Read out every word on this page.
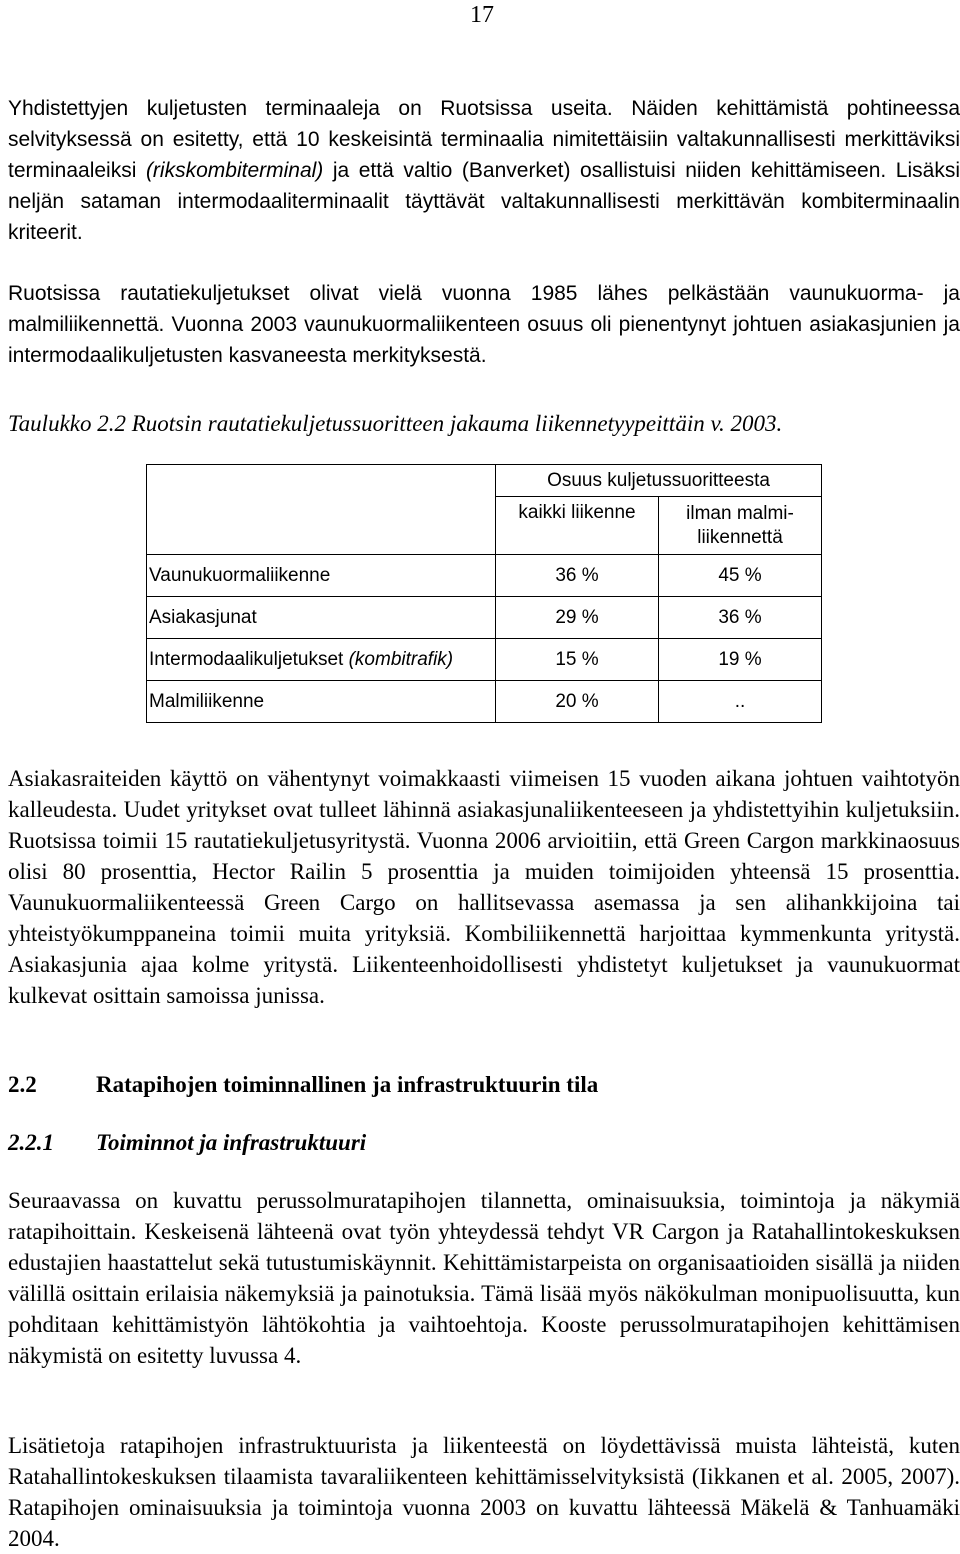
17

Yhdistettyjen kuljetusten terminaaleja on Ruotsissa useita. Näiden kehittämistä pohtineessa selvityksessä on esitetty, että 10 keskeisintä terminaalia nimitettäisiin valtakunnallisesti merkittäviksi terminaaleiksi (rikskombiterminal) ja että valtio (Banverket) osallistuisi niiden kehittämiseen. Lisäksi neljän sataman intermodaaliterminaalit täyttävät valtakunnallisesti merkittävän kombiterminaalin kriteerit.

Ruotsissa rautatiekuljetukset olivat vielä vuonna 1985 lähes pelkästään vaunukuorma- ja malmiliikennettä. Vuonna 2003 vaunukuormaliikenteen osuus oli pienentynyt johtuen asiakasjunien ja intermodaalikuljetusten kasvaneesta merkityksestä.

Taulukko 2.2 Ruotsin rautatiekuljetussuoritteen jakauma liikennetyypeittäin v. 2003.

	Osuus kuljetussuoritteesta	
	kaikki liikenne	ilman malmi-
liikennettä
Vaunukuormaliikenne	36 %	45 %
Asiakasjunat	29 %	36 %
Intermodaalikuljetukset (kombitrafik)	15 %	19 %
Malmiliikenne	20 %	..

Asiakasraiteiden käyttö on vähentynyt voimakkaasti viimeisen 15 vuoden aikana johtuen vaihtotyön kalleudesta. Uudet yritykset ovat tulleet lähinnä asiakasjunaliikenteeseen ja yhdistettyihin kuljetuksiin. Ruotsissa toimii 15 rautatiekuljetusyritystä. Vuonna 2006 arvioitiin, että Green Cargon markkinaosuus olisi 80 prosenttia, Hector Railin 5 prosenttia ja muiden toimijoiden yhteensä 15 prosenttia. Vaunukuormaliikenteessä Green Cargo on hallitsevassa asemassa ja sen alihankkijoina tai yhteistyökumppaneina toimii muita yrityksiä. Kombiliikennettä harjoittaa kymmenkunta yritystä. Asiakasjunia ajaa kolme yritystä. Liikenteenhoidollisesti yhdistetyt kuljetukset ja vaunukuormat kulkevat osittain samoissa junissa.

2.2	Ratapihojen toiminnallinen ja infrastruktuurin tila
2.2.1 Toiminnot ja infrastruktuuri

Seuraavassa on kuvattu perussolmuratapihojen tilannetta, ominaisuuksia, toimintoja ja näkymiä ratapihoittain. Keskeisenä lähteenä ovat työn yhteydessä tehdyt VR Cargon ja Ratahallintokeskuksen edustajien haastattelut sekä tutustumiskäynnit. Kehittämistarpeista on organisaatioiden sisällä ja niiden välillä osittain erilaisia näkemyksiä ja painotuksia. Tämä lisää myös näkökulman monipuolisuutta, kun pohditaan kehittämistyön lähtökohtia ja vaihtoehtoja. Kooste perussolmuratapihojen kehittämisen näkymistä on esitetty luvussa 4.

Lisätietoja ratapihojen infrastruktuurista ja liikenteestä on löydettävissä muista lähteistä, kuten Ratahallintokeskuksen tilaamista tavaraliikenteen kehittämisselvityksistä (Iikkanen et al. 2005, 2007). Ratapihojen ominaisuuksia ja toimintoja vuonna 2003 on kuvattu lähteessä Mäkelä & Tanhuamäki 2004.
